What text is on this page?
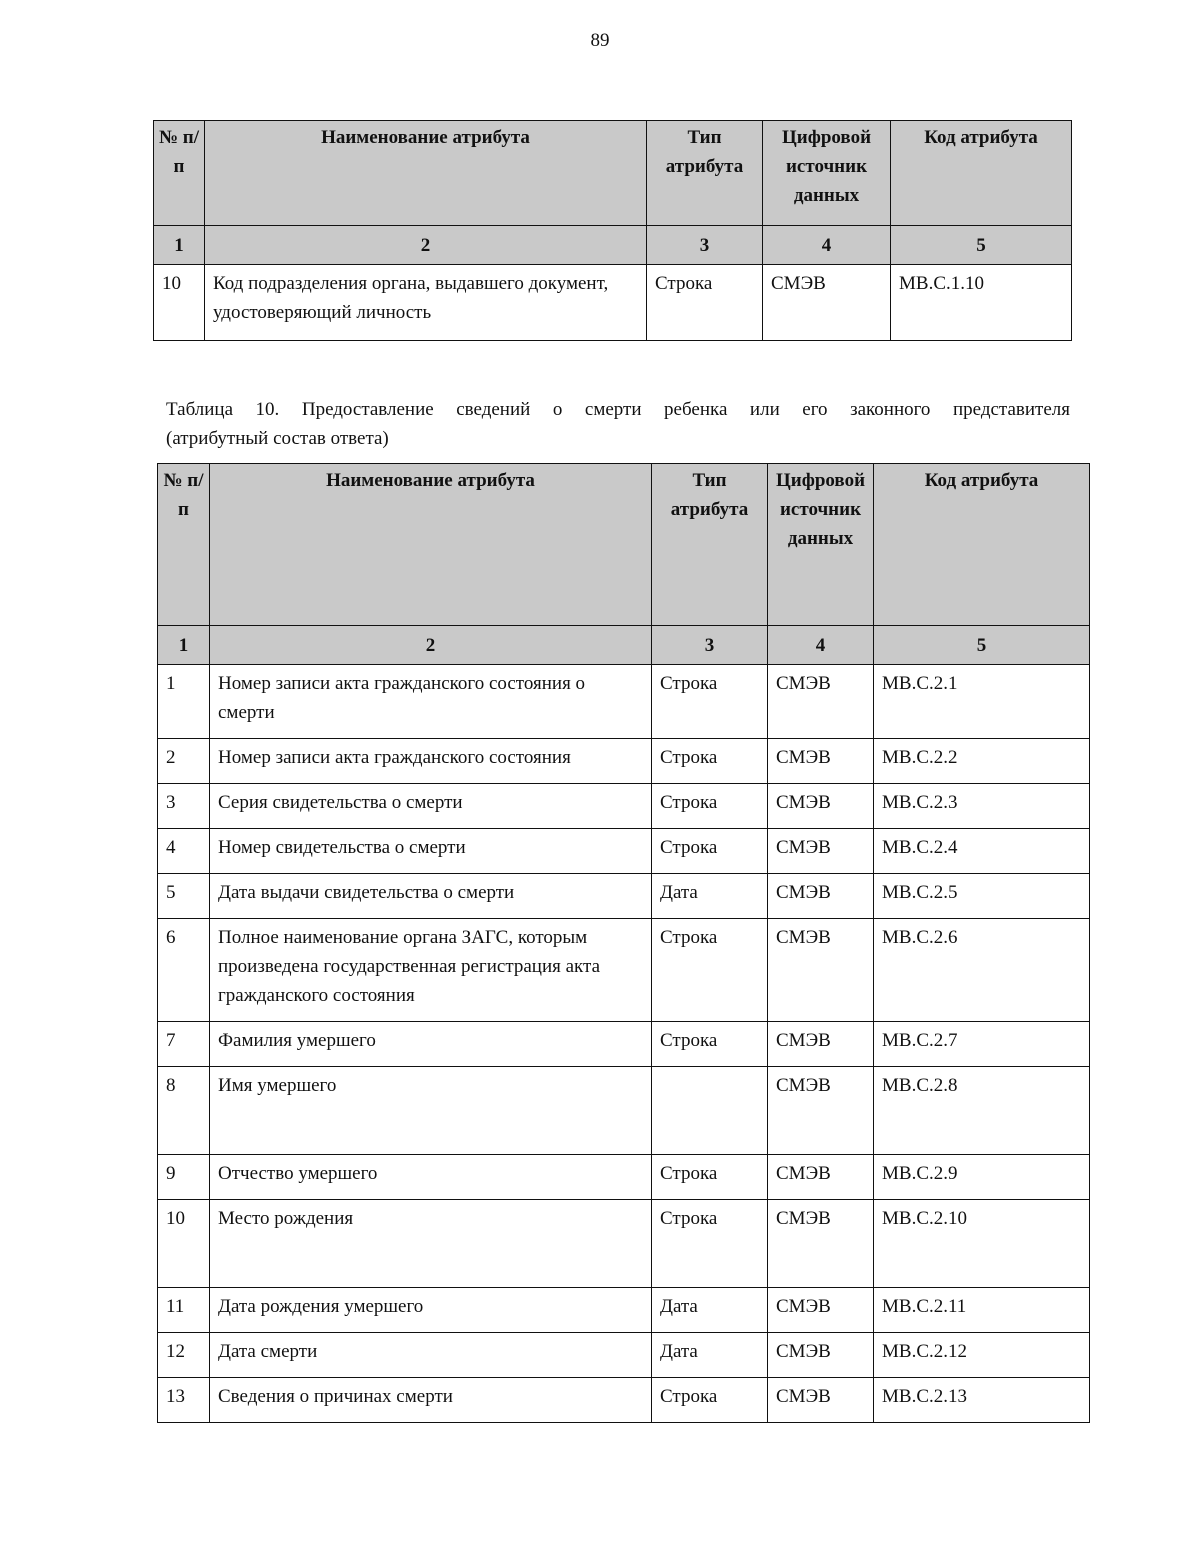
89
№ п/п	Наименование атрибута	Тип атрибута	Цифровой источник данных	Код атрибута
1	2	3	4	5
10	Код подразделения органа, выдавшего документ, удостоверяющий личность	Строка	СМЭВ	МВ.С.1.10
Таблица 10. Предоставление сведений о смерти ребенка или его законного представителя
(атрибутный состав ответа)
№ п/п	Наименование атрибута	Тип атрибута	Цифровой источник данных	Код атрибута
1	2	3	4	5
1	Номер записи акта гражданского состояния о смерти	Строка	СМЭВ	МВ.С.2.1
2	Номер записи акта гражданского состояния	Строка	СМЭВ	МВ.С.2.2
3	Серия свидетельства о смерти	Строка	СМЭВ	МВ.С.2.3
4	Номер свидетельства о смерти	Строка	СМЭВ	МВ.С.2.4
5	Дата выдачи свидетельства о смерти	Дата	СМЭВ	МВ.С.2.5
6	Полное наименование органа ЗАГС, которым произведена государственная регистрация акта гражданского состояния	Строка	СМЭВ	МВ.С.2.6
7	Фамилия умершего	Строка	СМЭВ	МВ.С.2.7
8	Имя умершего		СМЭВ	МВ.С.2.8
9	Отчество умершего	Строка	СМЭВ	МВ.С.2.9
10	Место рождения	Строка	СМЭВ	МВ.С.2.10
11	Дата рождения умершего	Дата	СМЭВ	МВ.С.2.11
12	Дата смерти	Дата	СМЭВ	МВ.С.2.12
13	Сведения о причинах смерти	Строка	СМЭВ	МВ.С.2.13
